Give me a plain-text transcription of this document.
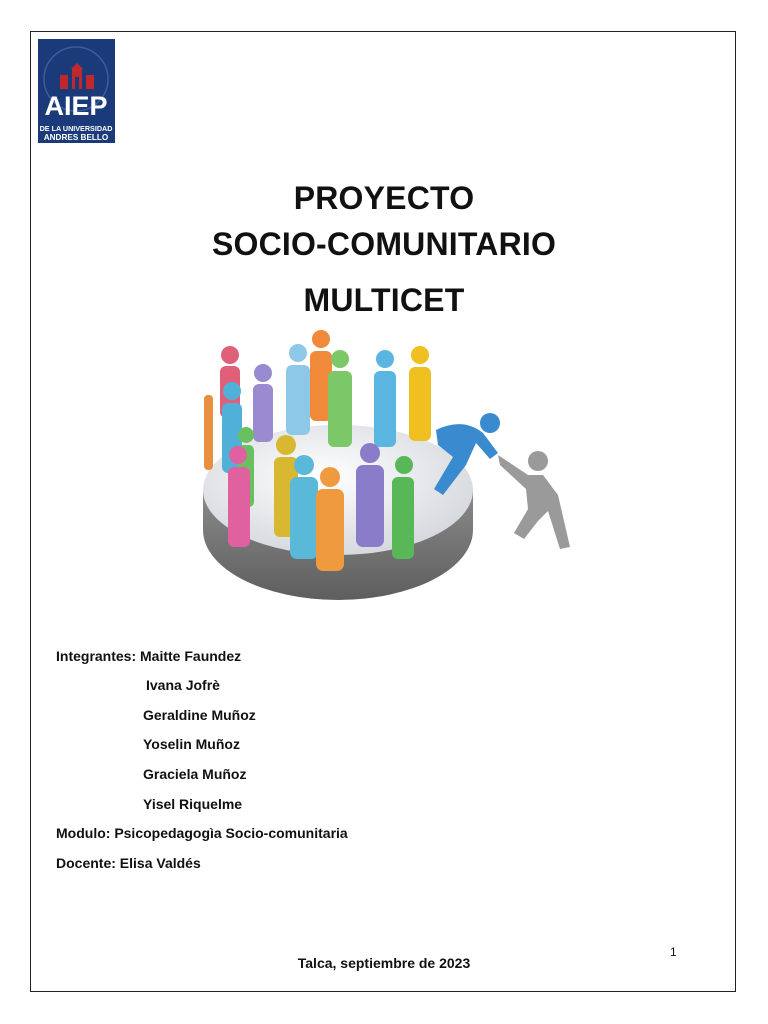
AIEP
DE LA UNIVERSIDAD
ANDRES BELLO
PROYECTO
SOCIO-COMUNITARIO
MULTICET
Integrantes: Maitte Faundez
Ivana Jofrè
Geraldine Muñoz
Yoselin Muñoz
Graciela Muñoz
Yisel Riquelme
Modulo: Psicopedagogìa Socio-comunitaria
Docente: Elisa Valdés
1
Talca, septiembre de 2023
